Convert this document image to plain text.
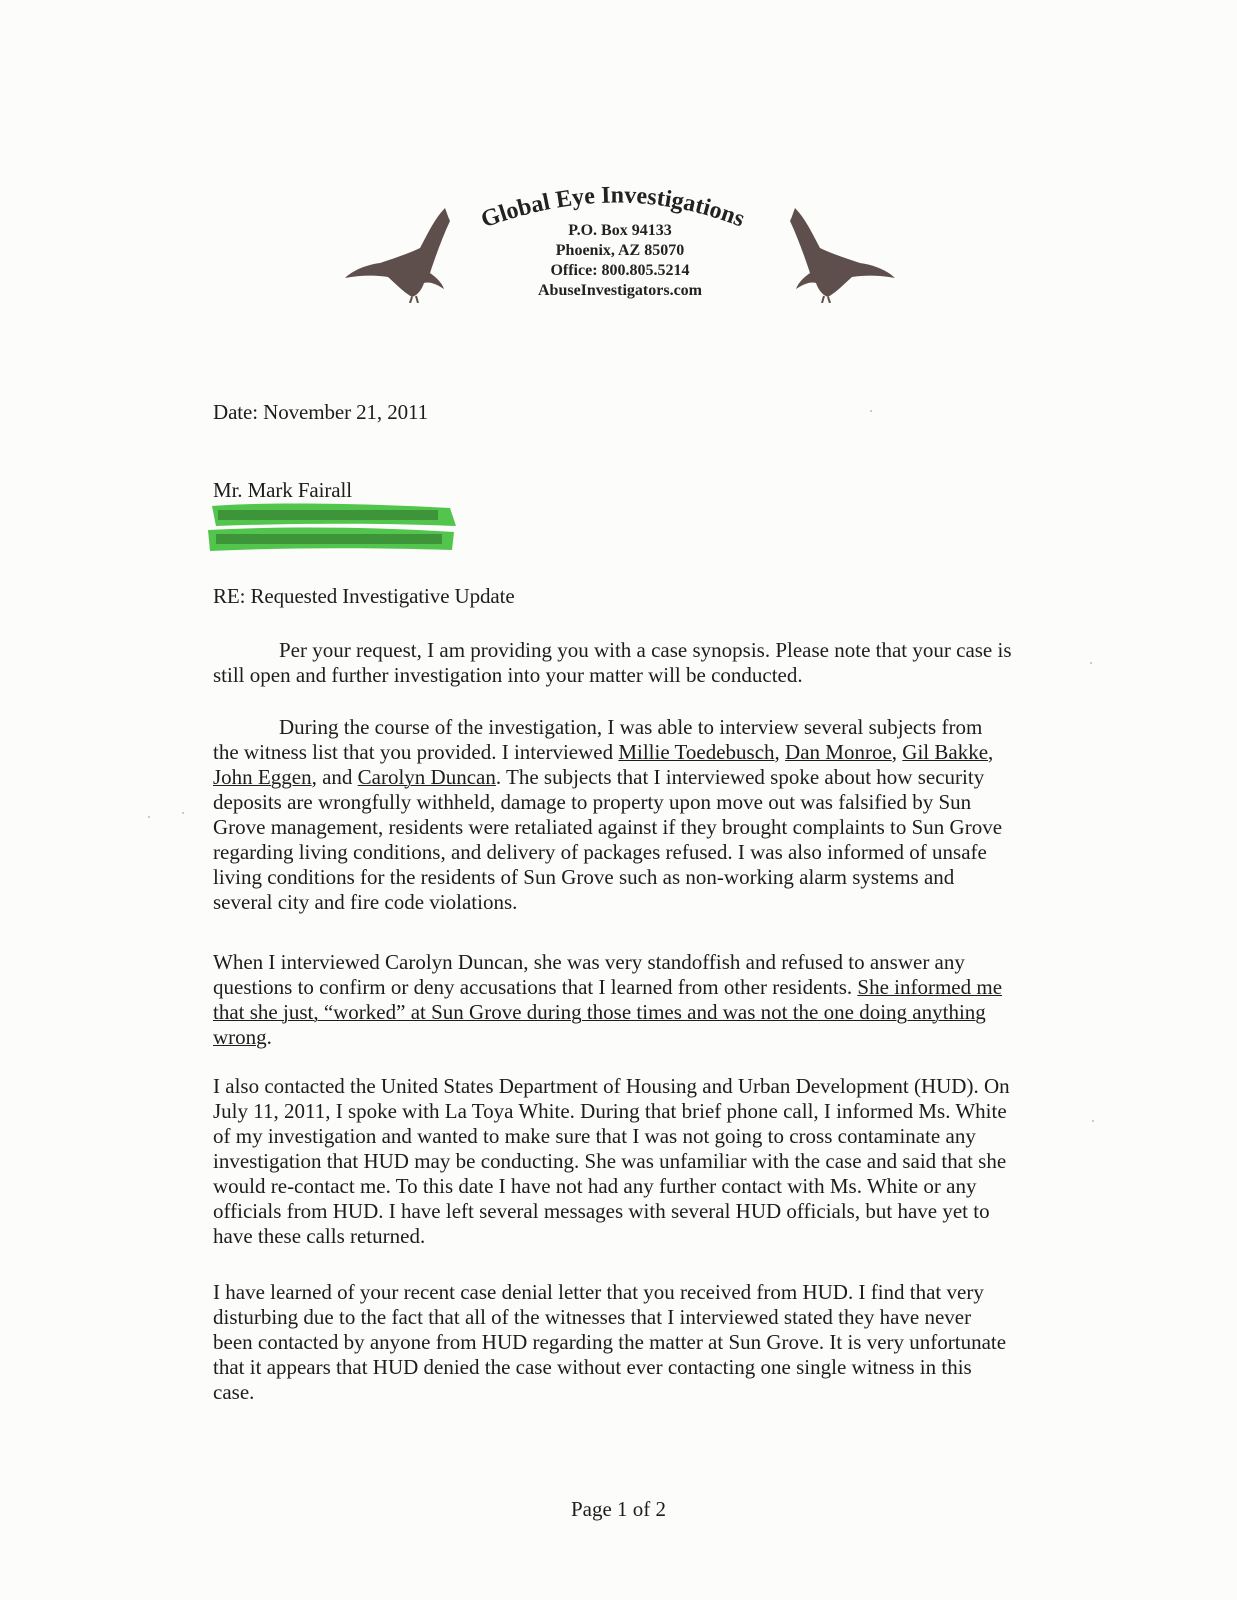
Global Eye Investigations
P.O. Box 94133
Phoenix, AZ 85070
Office: 800.805.5214
AbuseInvestigators.com
Date: November 21, 2011
Mr. Mark Fairall
RE: Requested Investigative Update
Per your request, I am providing you with a case synopsis. Please note that your case is still open and further investigation into your matter will be conducted.
During the course of the investigation, I was able to interview several subjects from the witness list that you provided. I interviewed Millie Toedebusch, Dan Monroe, Gil Bakke, John Eggen, and Carolyn Duncan. The subjects that I interviewed spoke about how security deposits are wrongfully withheld, damage to property upon move out was falsified by Sun Grove management, residents were retaliated against if they brought complaints to Sun Grove regarding living conditions, and delivery of packages refused. I was also informed of unsafe living conditions for the residents of Sun Grove such as non-working alarm systems and several city and fire code violations.
When I interviewed Carolyn Duncan, she was very standoffish and refused to answer any questions to confirm or deny accusations that I learned from other residents. She informed me that she just, “worked” at Sun Grove during those times and was not the one doing anything wrong.
I also contacted the United States Department of Housing and Urban Development (HUD). On July 11, 2011, I spoke with La Toya White. During that brief phone call, I informed Ms. White of my investigation and wanted to make sure that I was not going to cross contaminate any investigation that HUD may be conducting. She was unfamiliar with the case and said that she would re-contact me. To this date I have not had any further contact with Ms. White or any officials from HUD. I have left several messages with several HUD officials, but have yet to have these calls returned.
I have learned of your recent case denial letter that you received from HUD. I find that very disturbing due to the fact that all of the witnesses that I interviewed stated they have never been contacted by anyone from HUD regarding the matter at Sun Grove. It is very unfortunate that it appears that HUD denied the case without ever contacting one single witness in this case.
Page 1 of 2
